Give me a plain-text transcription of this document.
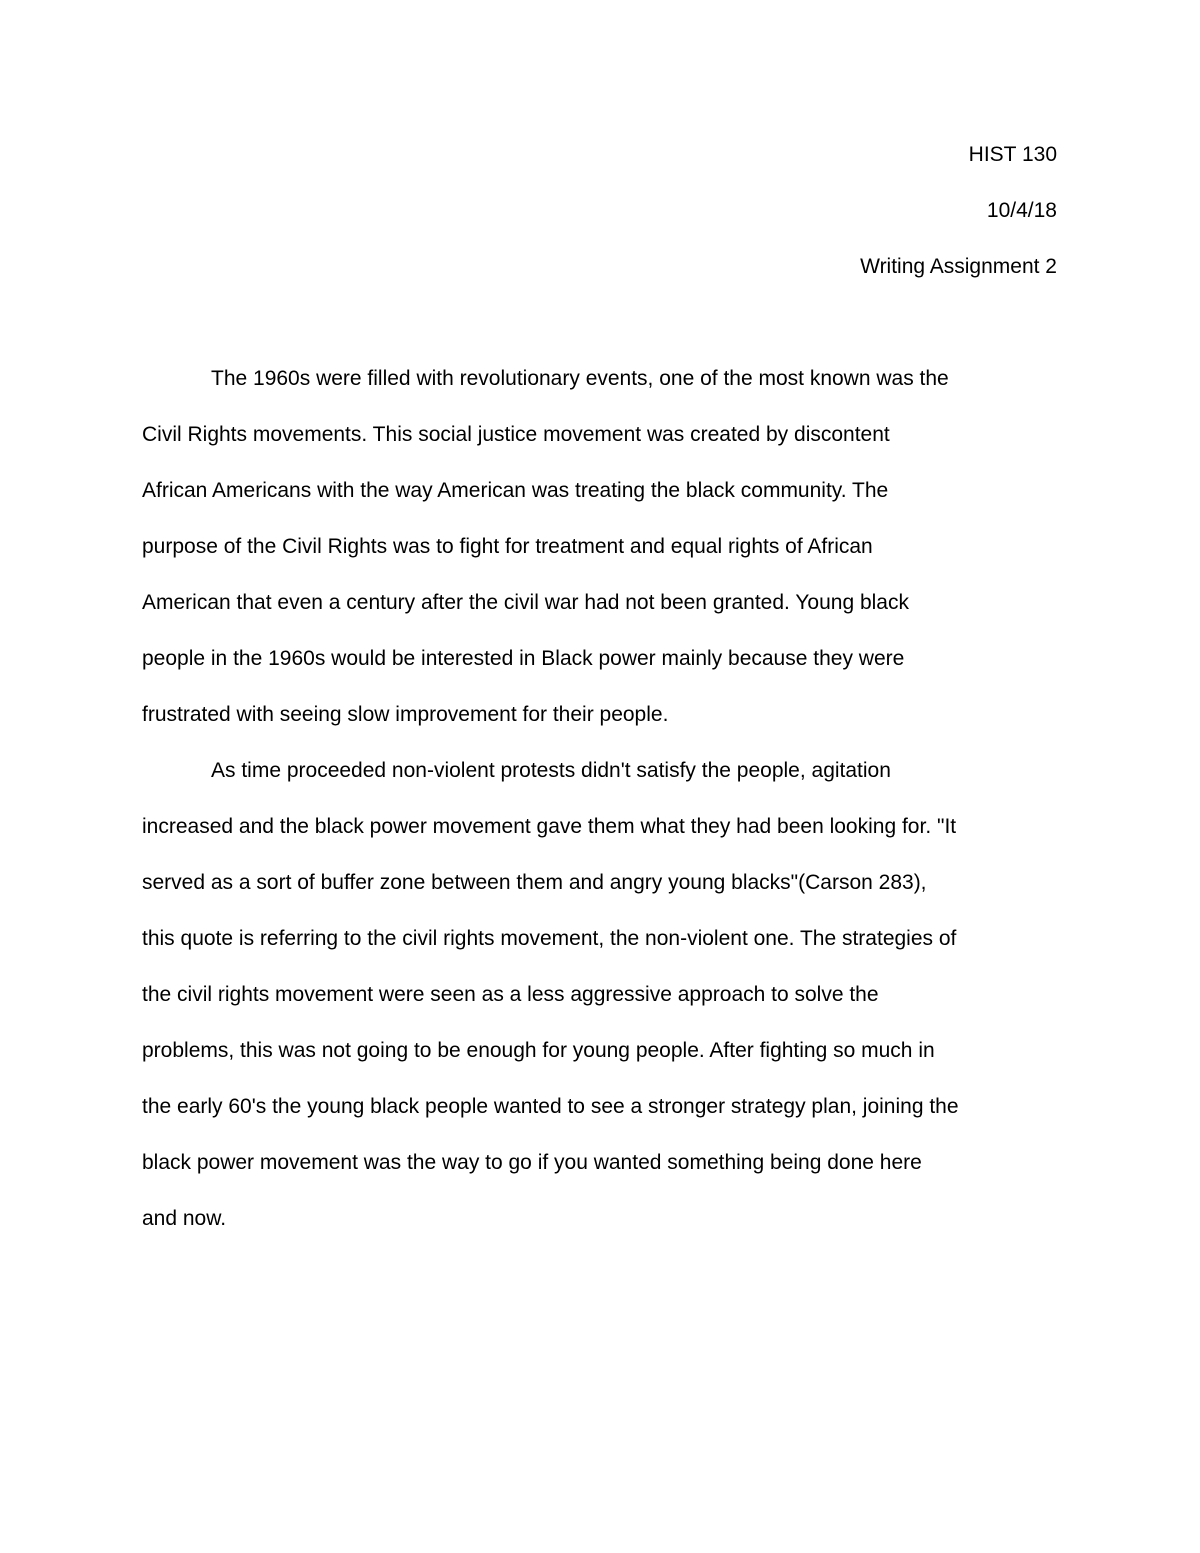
HIST 130
10/4/18
Writing Assignment 2
The 1960s were filled with revolutionary events, one of the most known was the
Civil Rights movements. This social justice movement was created by discontent
African Americans with the way American was treating the black community. The
purpose of the Civil Rights was to fight for treatment and equal rights of African
American that even a century after the civil war had not been granted. Young black
people in the 1960s would be interested in Black power mainly because they were
frustrated with seeing slow improvement for their people.
As time proceeded non-violent protests didn't satisfy the people, agitation
increased and the black power movement gave them what they had been looking for. "It
served as a sort of buffer zone between them and angry young blacks"(Carson 283),
this quote is referring to the civil rights movement, the non-violent one. The strategies of
the civil rights movement were seen as a less aggressive approach to solve the
problems, this was not going to be enough for young people. After fighting so much in
the early 60's the young black people wanted to see a stronger strategy plan, joining the
black power movement was the way to go if you wanted something being done here
and now.
